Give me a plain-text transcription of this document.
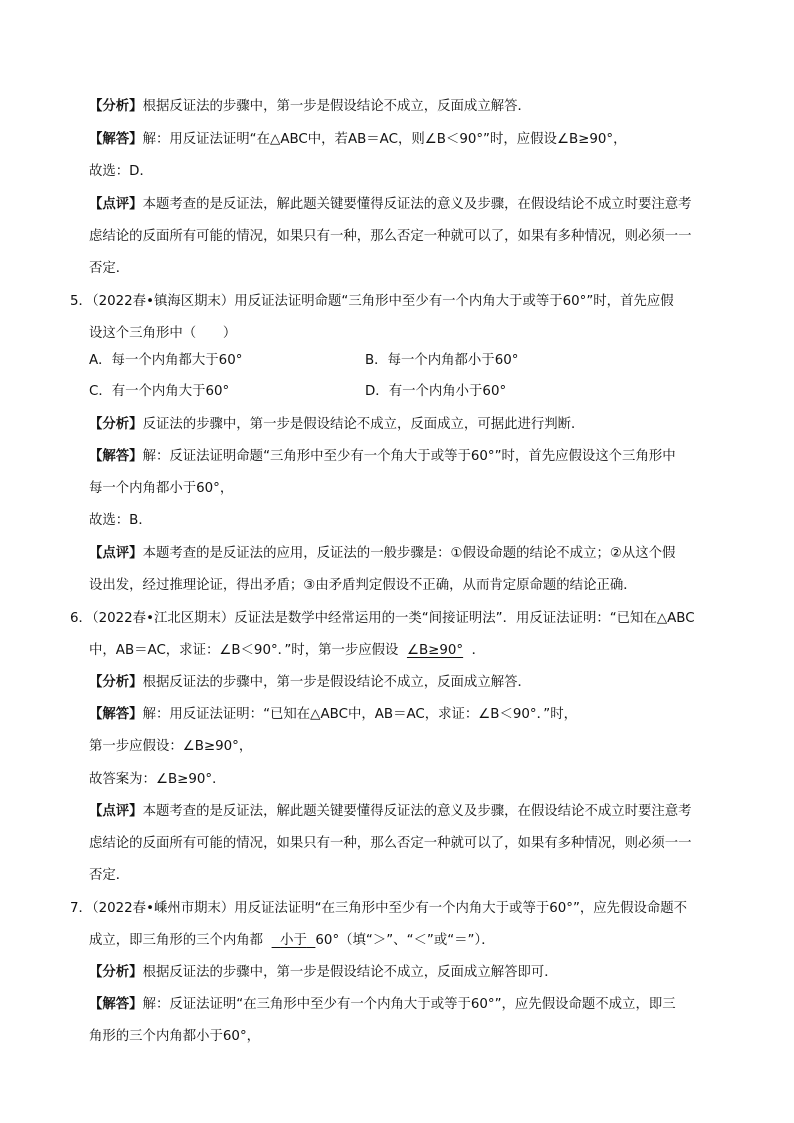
【分析】根据反证法的步骤中，第一步是假设结论不成立，反面成立解答．
【解答】解：用反证法证明“在△ABC中，若AB＝AC，则∠B＜90°”时，应假设∠B≥90°，
故选：D．
【点评】本题考查的是反证法，解此题关键要懂得反证法的意义及步骤，在假设结论不成立时要注意考
虑结论的反面所有可能的情况，如果只有一种，那么否定一种就可以了，如果有多种情况，则必须一一
否定．
5．（2022春•镇海区期末）用反证法证明命题“三角形中至少有一个内角大于或等于60°”时，首先应假
设这个三角形中（　　）
A．每一个内角都大于60°	B．每一个内角都小于60°
C．有一个内角大于60°	D．有一个内角小于60°
【分析】反证法的步骤中，第一步是假设结论不成立，反面成立，可据此进行判断．
【解答】解：反证法证明命题“三角形中至少有一个角大于或等于60°”时，首先应假设这个三角形中
每一个内角都小于60°，
故选：B．
【点评】本题考查的是反证法的应用，反证法的一般步骤是：①假设命题的结论不成立；②从这个假
设出发，经过推理论证，得出矛盾；③由矛盾判定假设不正确，从而肯定原命题的结论正确．
6．（2022春•江北区期末）反证法是数学中经常运用的一类“间接证明法”．用反证法证明：“已知在△ABC
中，AB＝AC，求证：∠B＜90°．”时，第一步应假设 ∠B≥90° ．
【分析】根据反证法的步骤中，第一步是假设结论不成立，反面成立解答．
【解答】解：用反证法证明：“已知在△ABC中，AB＝AC，求证：∠B＜90°．”时，
第一步应假设：∠B≥90°，
故答案为：∠B≥90°．
【点评】本题考查的是反证法，解此题关键要懂得反证法的意义及步骤，在假设结论不成立时要注意考
虑结论的反面所有可能的情况，如果只有一种，那么否定一种就可以了，如果有多种情况，则必须一一
否定．
7．（2022春•嵊州市期末）用反证法证明“在三角形中至少有一个内角大于或等于60°”，应先假设命题不
成立，即三角形的三个内角都 小于 60°（填“＞”、“＜”或“＝”）．
【分析】根据反证法的步骤中，第一步是假设结论不成立，反面成立解答即可．
【解答】解：反证法证明“在三角形中至少有一个内角大于或等于60°”，应先假设命题不成立，即三
角形的三个内角都小于60°，
